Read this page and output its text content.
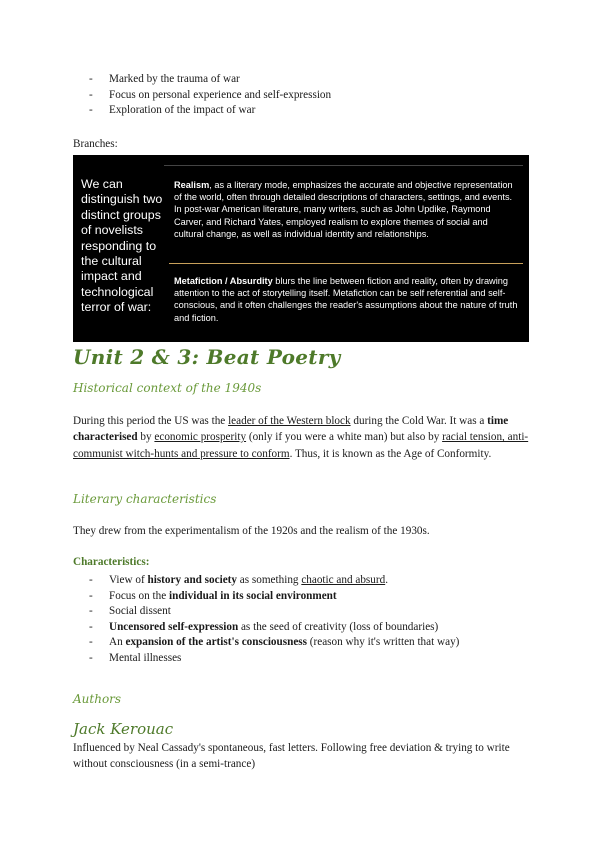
- Marked by the trauma of war
- Focus on personal experience and self-expression
- Exploration of the impact of war
Branches:
We can distinguish two distinct groups of novelists responding to the cultural impact and technological terror of war:
Realism, as a literary mode, emphasizes the accurate and objective representation of the world, often through detailed descriptions of characters, settings, and events. In post-war American literature, many writers, such as John Updike, Raymond Carver, and Richard Yates, employed realism to explore themes of social and cultural change, as well as individual identity and relationships.
Metafiction / Absurdity blurs the line between fiction and reality, often by drawing attention to the act of storytelling itself. Metafiction can be self referential and self-conscious, and it often challenges the reader's assumptions about the nature of truth and fiction.
Unit 2 & 3: Beat Poetry
Historical context of the 1940s
During this period the US was the leader of the Western block during the Cold War. It was a time characterised by economic prosperity (only if you were a white man) but also by racial tension, anti-communist witch-hunts and pressure to conform. Thus, it is known as the Age of Conformity.
Literary characteristics
They drew from the experimentalism of the 1920s and the realism of the 1930s.
Characteristics:
- View of history and society as something chaotic and absurd.
- Focus on the individual in its social environment
- Social dissent
- Uncensored self-expression as the seed of creativity (loss of boundaries)
- An expansion of the artist's consciousness (reason why it's written that way)
- Mental illnesses
Authors
Jack Kerouac
Influenced by Neal Cassady's spontaneous, fast letters. Following free deviation & trying to write without consciousness (in a semi-trance)
